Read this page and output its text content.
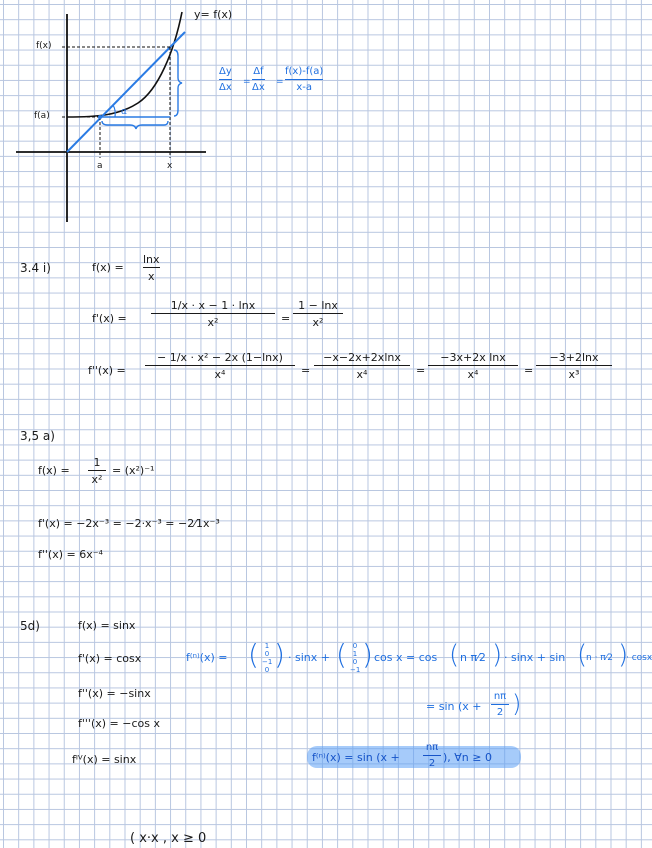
y= f(x)
f(x)
f(a)
a	x
α
Δy
Δx =
Δf
Δx =
f(x)-f(a)
x-a
3.4 i)	f(x) =
lnx
x
f'(x) =
1/x · x − 1 · lnx
x²	=
1 − lnx
x²
f''(x) =
− 1/x · x² − 2x (1−lnx)
x⁴	=
−x−2x+2xlnx
x⁴	=
−3x+2x lnx
x⁴	=
−3+2lnx
x³
3,5 a)
f(x) =
1
x²
= (x²)⁻¹
f'(x) = −2x⁻³ = −2·x⁻³ = −2⁄1x⁻³
f''(x) = 6x⁻⁴
5d)	f(x) = sinx
f'(x) = cosx
f''(x) = −sinx
f'''(x) = −cos x
fᴵⱽ(x) = sinx
f⁽ⁿ⁾(x) = ( 1
0
−1
0 ) · sinx + ( 0
1
0
−1 ) cos x = cos ( n π⁄2 ) · sinx + sin (
n · π⁄2 )
· cosx
= sin (x +
nπ
2 )
f⁽ⁿ⁾(x) = sin (x +
nπ
2 ), ∀n ≥ 0
( x·x , x ≥ 0
